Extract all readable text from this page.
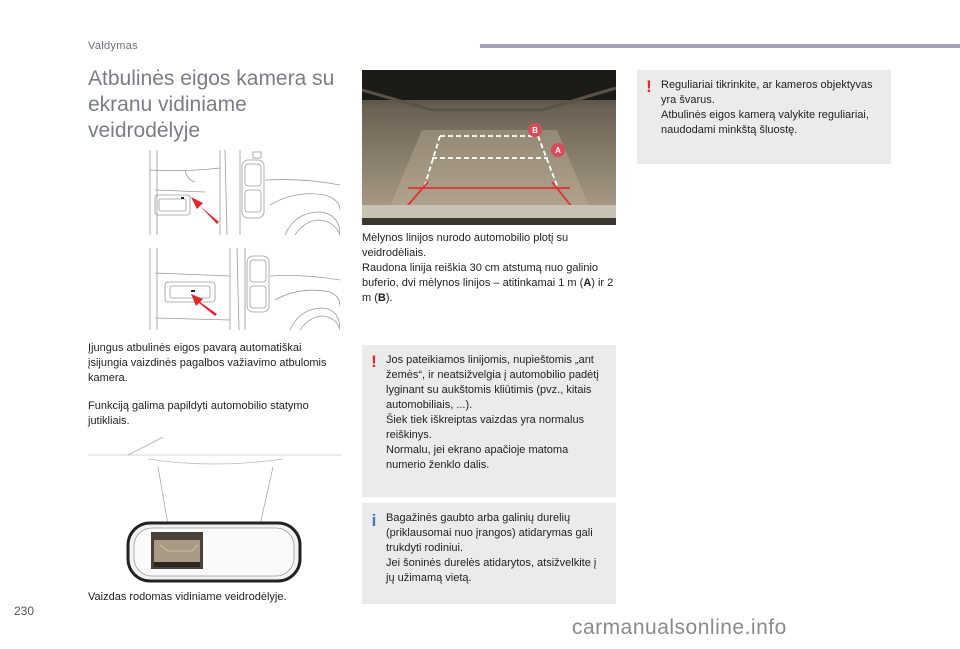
Valdymas
Atbulinės eigos kamera su ekranu vidiniame veidrodėlyje

Įjungus atbulinės eigos pavarą automatiškai įsijungia vaizdinės pagalbos važiavimo atbulomis kamera.

Funkciją galima papildyti automobilio statymo jutikliais.

Vaizdas rodomas vidiniame veidrodėlyje.
B
A

Mėlynos linijos nurodo automobilio plotį su veidrodėliais.

Raudona linija reiškia 30 cm atstumą nuo galinio buferio, dvi mėlynos linijos – atitinkamai 1 m (A) ir 2 m (B).

! Jos pateikiamos linijomis, nupieštomis „ant žemės“, ir neatsižvelgia į automobilio padėtį lyginant su aukštomis kliūtimis (pvz., kitais automobiliais, ...).

Šiek tiek iškreiptas vaizdas yra normalus reiškinys.

Normalu, jei ekrano apačioje matoma numerio ženklo dalis.

i Bagažinės gaubto arba galinių durelių (priklausomai nuo įrangos) atidarymas gali trukdyti rodiniui.

Jei šoninės durelės atidarytos, atsižvelkite į jų užimamą vietą.

! Reguliariai tikrinkite, ar kameros objektyvas yra švarus.

Atbulinės eigos kamerą valykite reguliariai, naudodami minkštą šluostę.

230
carmanualsonline.info
